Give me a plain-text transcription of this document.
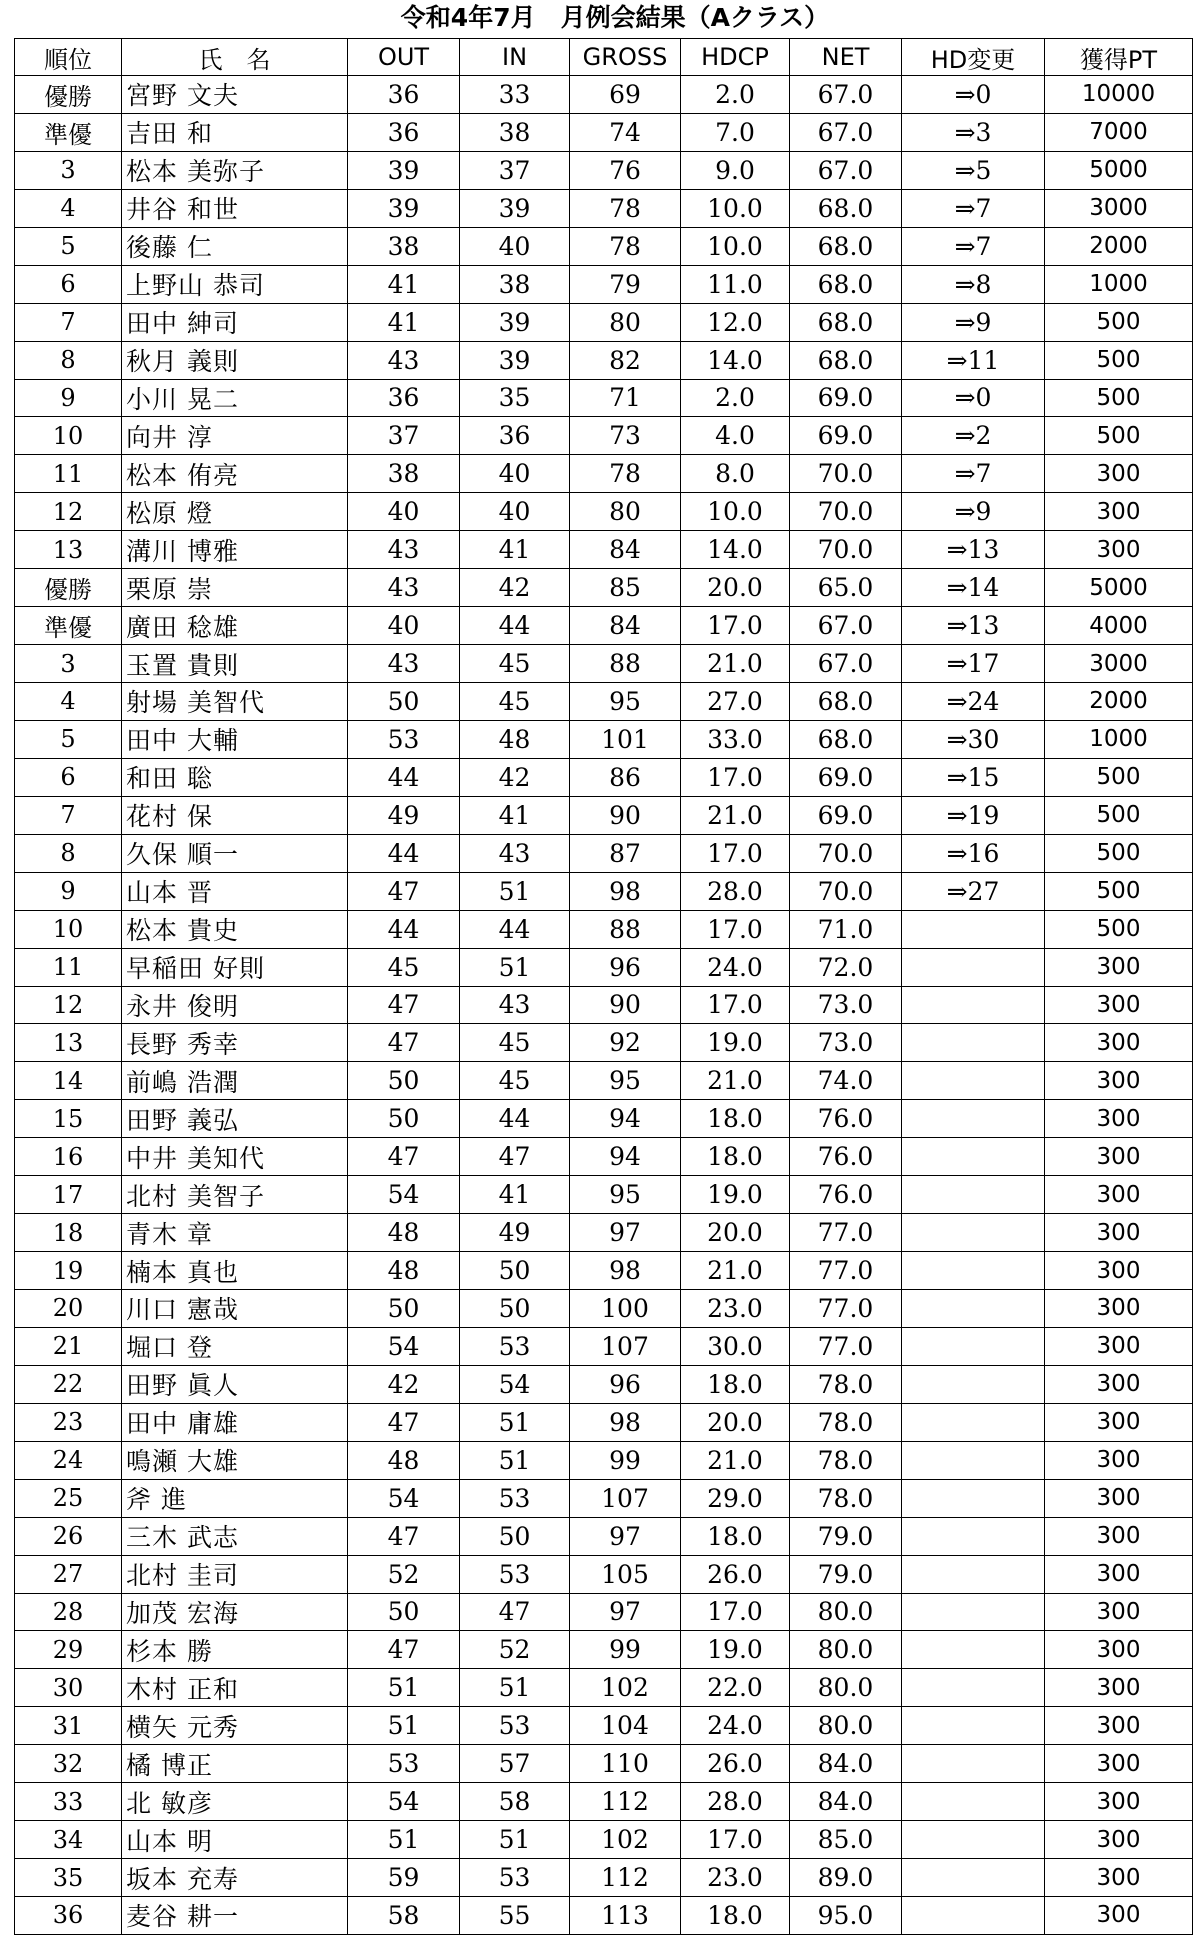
令和4年7月　月例会結果（Aクラス）
順位	氏　名	OUT	IN	GROSS	HDCP	NET	HD変更	獲得PT
優勝	宮野 文夫	36	33	69	2.0	67.0	⇒0	10000
準優	吉田 和	36	38	74	7.0	67.0	⇒3	7000
3	松本 美弥子	39	37	76	9.0	67.0	⇒5	5000
4	井谷 和世	39	39	78	10.0	68.0	⇒7	3000
5	後藤 仁	38	40	78	10.0	68.0	⇒7	2000
6	上野山 恭司	41	38	79	11.0	68.0	⇒8	1000
7	田中 紳司	41	39	80	12.0	68.0	⇒9	500
8	秋月 義則	43	39	82	14.0	68.0	⇒11	500
9	小川 晃二	36	35	71	2.0	69.0	⇒0	500
10	向井 淳	37	36	73	4.0	69.0	⇒2	500
11	松本 侑亮	38	40	78	8.0	70.0	⇒7	300
12	松原 燈	40	40	80	10.0	70.0	⇒9	300
13	溝川 博雅	43	41	84	14.0	70.0	⇒13	300
優勝	栗原 崇	43	42	85	20.0	65.0	⇒14	5000
準優	廣田 稔雄	40	44	84	17.0	67.0	⇒13	4000
3	玉置 貴則	43	45	88	21.0	67.0	⇒17	3000
4	射場 美智代	50	45	95	27.0	68.0	⇒24	2000
5	田中 大輔	53	48	101	33.0	68.0	⇒30	1000
6	和田 聡	44	42	86	17.0	69.0	⇒15	500
7	花村 保	49	41	90	21.0	69.0	⇒19	500
8	久保 順一	44	43	87	17.0	70.0	⇒16	500
9	山本 晋	47	51	98	28.0	70.0	⇒27	500
10	松本 貴史	44	44	88	17.0	71.0		500
11	早稲田 好則	45	51	96	24.0	72.0		300
12	永井 俊明	47	43	90	17.0	73.0		300
13	長野 秀幸	47	45	92	19.0	73.0		300
14	前嶋 浩潤	50	45	95	21.0	74.0		300
15	田野 義弘	50	44	94	18.0	76.0		300
16	中井 美知代	47	47	94	18.0	76.0		300
17	北村 美智子	54	41	95	19.0	76.0		300
18	青木 章	48	49	97	20.0	77.0		300
19	楠本 真也	48	50	98	21.0	77.0		300
20	川口 憲哉	50	50	100	23.0	77.0		300
21	堀口 登	54	53	107	30.0	77.0		300
22	田野 眞人	42	54	96	18.0	78.0		300
23	田中 庸雄	47	51	98	20.0	78.0		300
24	鳴瀬 大雄	48	51	99	21.0	78.0		300
25	斧 進	54	53	107	29.0	78.0		300
26	三木 武志	47	50	97	18.0	79.0		300
27	北村 圭司	52	53	105	26.0	79.0		300
28	加茂 宏海	50	47	97	17.0	80.0		300
29	杉本 勝	47	52	99	19.0	80.0		300
30	木村 正和	51	51	102	22.0	80.0		300
31	横矢 元秀	51	53	104	24.0	80.0		300
32	橘 博正	53	57	110	26.0	84.0		300
33	北 敏彦	54	58	112	28.0	84.0		300
34	山本 明	51	51	102	17.0	85.0		300
35	坂本 充寿	59	53	112	23.0	89.0		300
36	麦谷 耕一	58	55	113	18.0	95.0		300
